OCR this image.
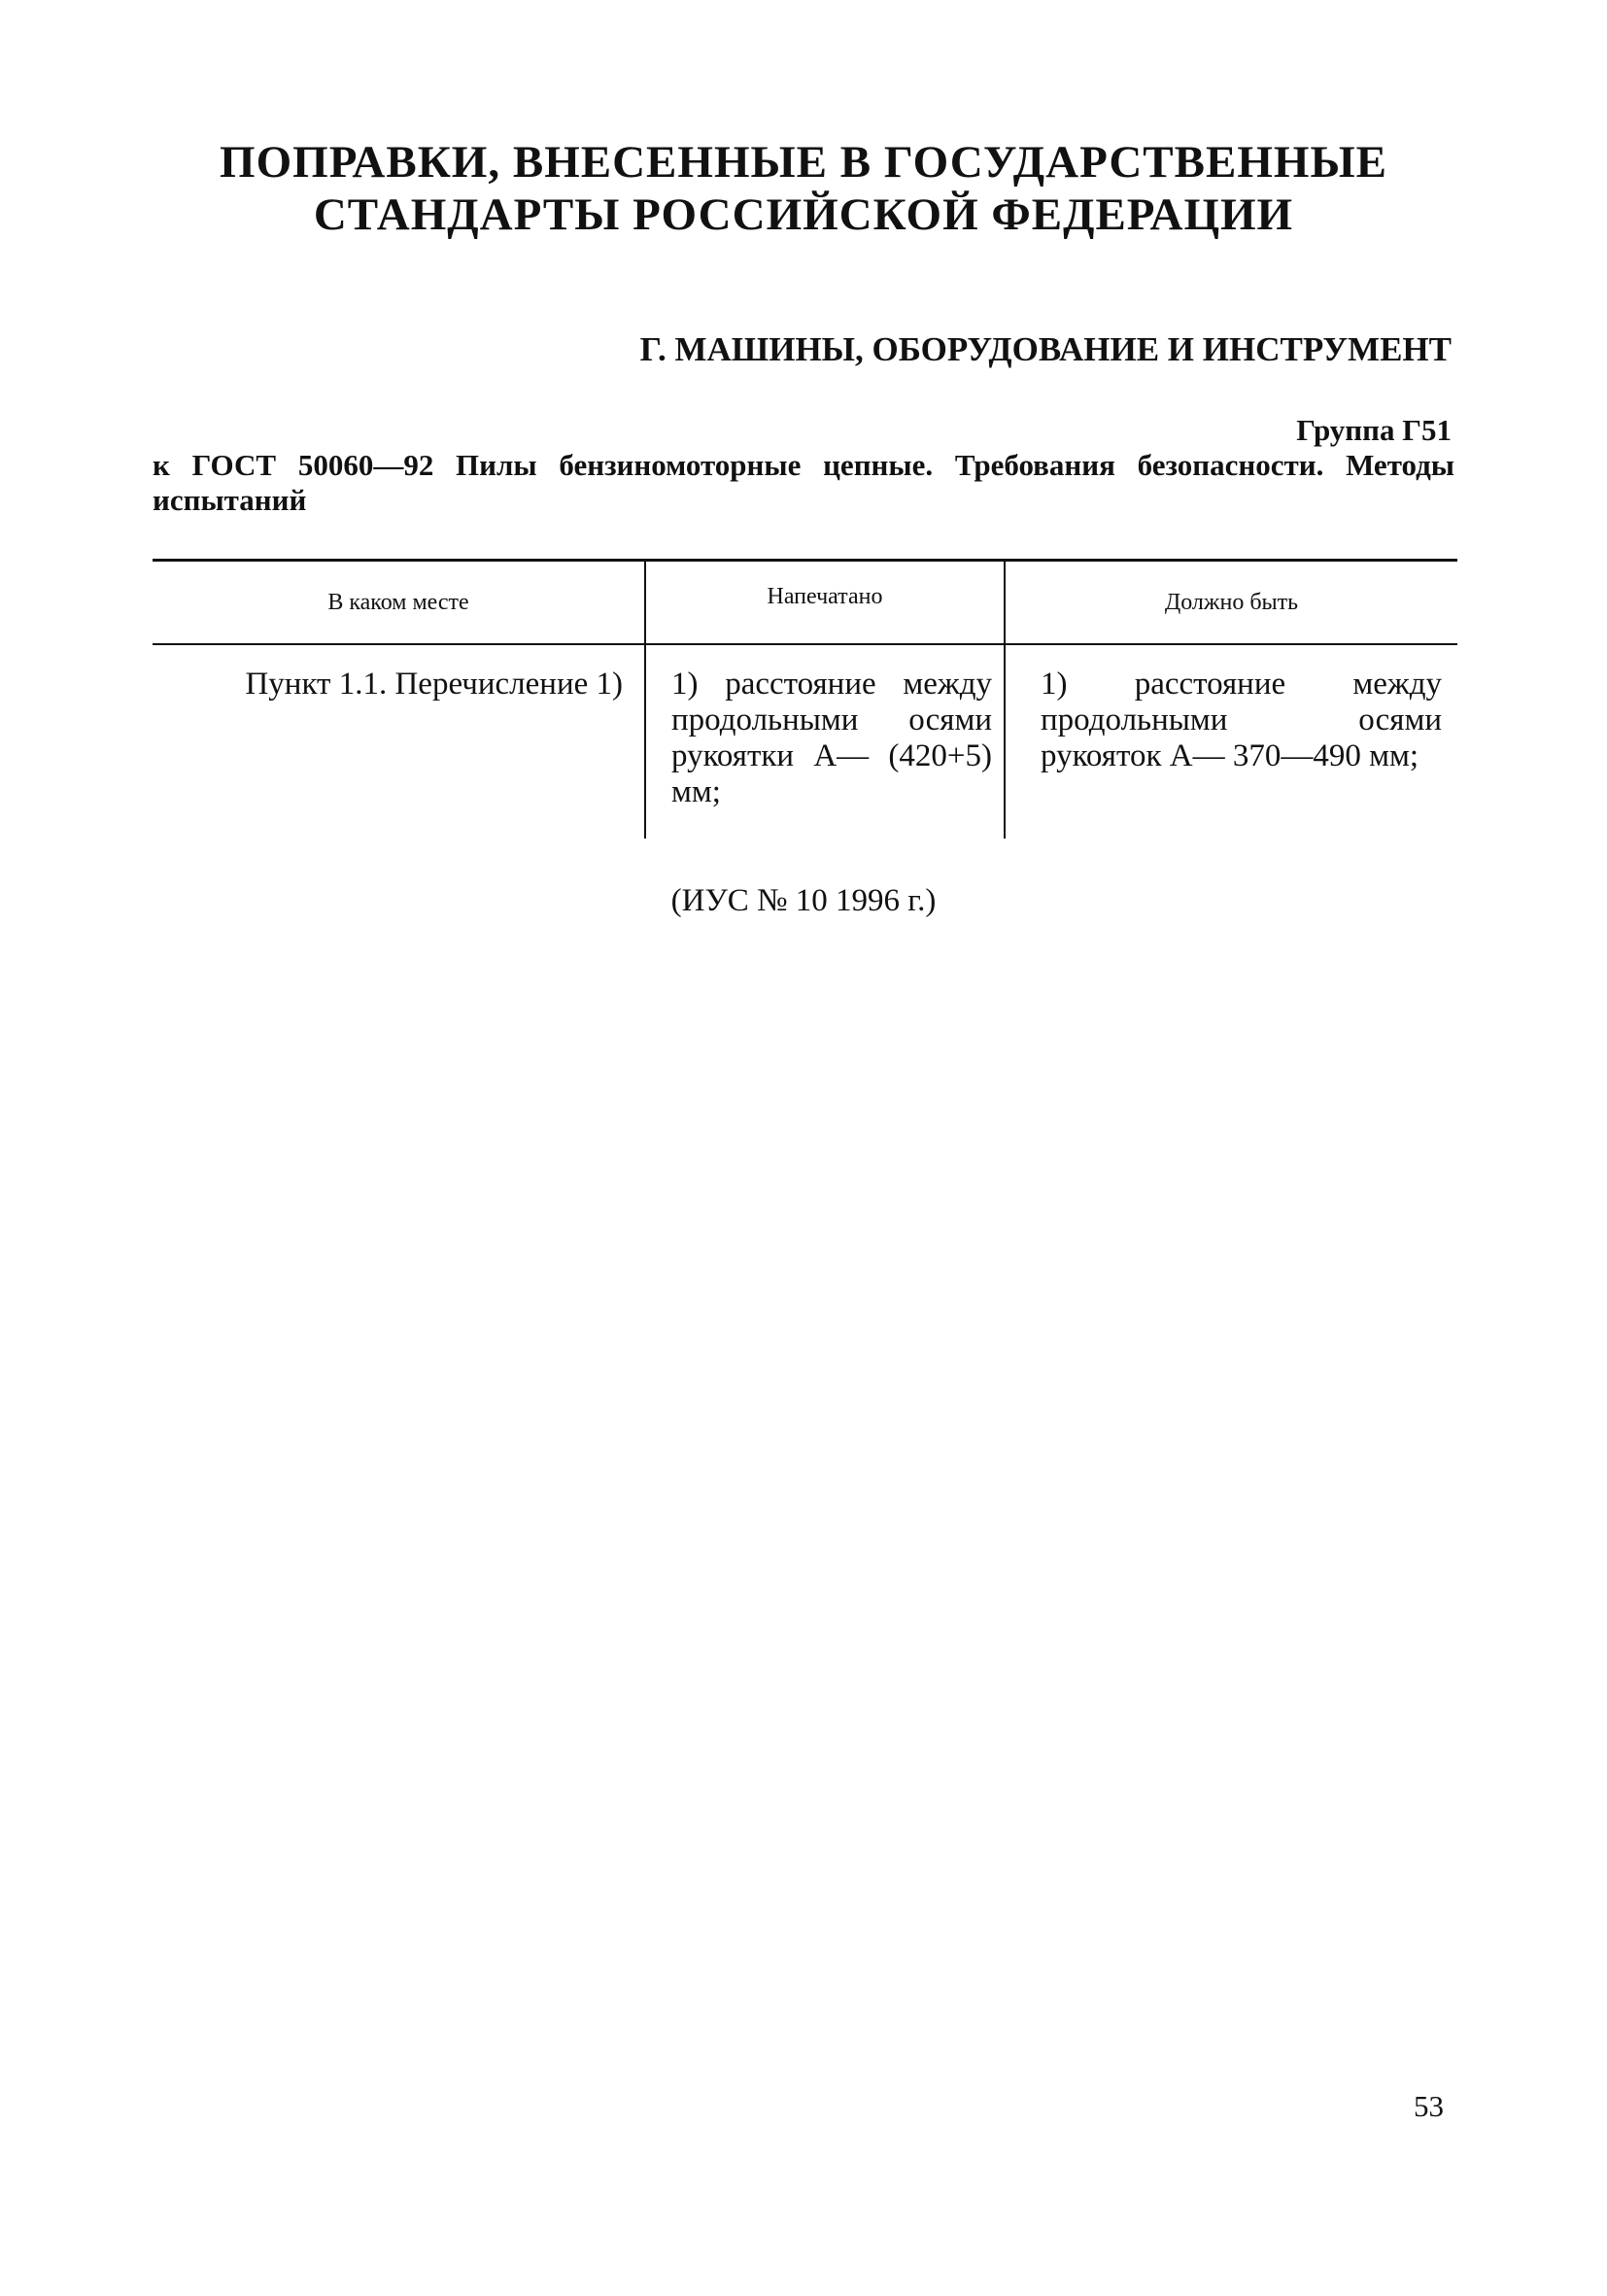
ПОПРАВКИ, ВНЕСЕННЫЕ В ГОСУДАРСТВЕННЫЕ
СТАНДАРТЫ РОССИЙСКОЙ ФЕДЕРАЦИИ
Г. МАШИНЫ, ОБОРУДОВАНИЕ И ИНСТРУМЕНТ
Группа Г51
к ГОСТ 50060—92 Пилы бензиномоторные цепные. Требования безопасности. Методы испытаний
В каком месте	Напечатано	Должно быть
Пункт 1.1. Перечисление 1)	1) расстояние между продольными осями рукоятки А— (420+5) мм;	1) расстояние между продольными осями рукояток А— 370—490 мм;
(ИУС № 10 1996 г.)
53
